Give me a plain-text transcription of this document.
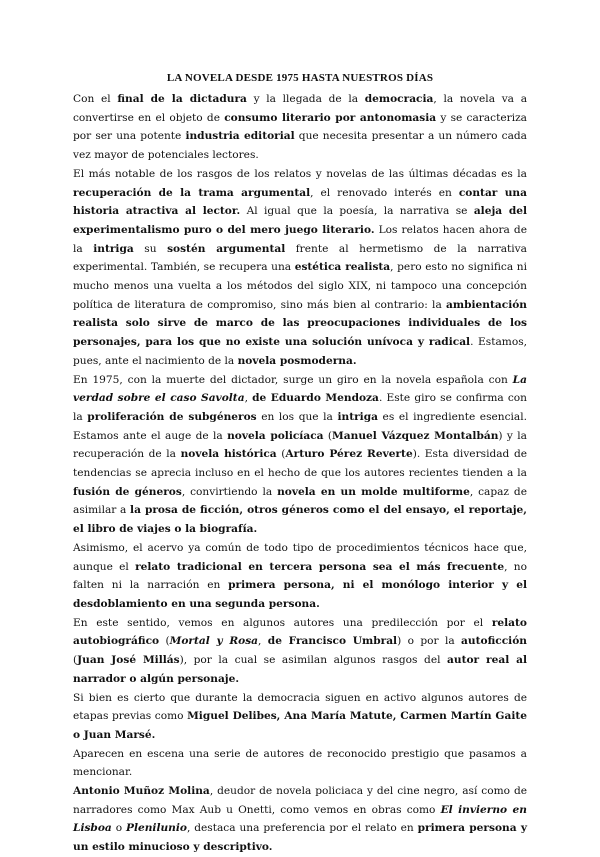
LA NOVELA DESDE 1975 HASTA NUESTROS DÍAS

Con el final de la dictadura y la llegada de la democracia, la novela va a convertirse en el objeto de consumo literario por antonomasia y se caracteriza por ser una potente industria editorial que necesita presentar a un número cada vez mayor de potenciales lectores.

El más notable de los rasgos de los relatos y novelas de las últimas décadas es la recuperación de la trama argumental, el renovado interés en contar una historia atractiva al lector. Al igual que la poesía, la narrativa se aleja del experimentalismo puro o del mero juego literario. Los relatos hacen ahora de la intriga su sostén argumental frente al hermetismo de la narrativa experimental. También, se recupera una estética realista, pero esto no significa ni mucho menos una vuelta a los métodos del siglo XIX, ni tampoco una concepción política de literatura de compromiso, sino más bien al contrario: la ambientación realista solo sirve de marco de las preocupaciones individuales de los personajes, para los que no existe una solución unívoca y radical. Estamos, pues, ante el nacimiento de la novela posmoderna.

En 1975, con la muerte del dictador, surge un giro en la novela española con La verdad sobre el caso Savolta, de Eduardo Mendoza. Este giro se confirma con la proliferación de subgéneros en los que la intriga es el ingrediente esencial. Estamos ante el auge de la novela policíaca (Manuel Vázquez Montalbán) y la recuperación de la novela histórica (Arturo Pérez Reverte). Esta diversidad de tendencias se aprecia incluso en el hecho de que los autores recientes tienden a la fusión de géneros, convirtiendo la novela en un molde multiforme, capaz de asimilar a la prosa de ficción, otros géneros como el del ensayo, el reportaje, el libro de viajes o la biografía.

Asimismo, el acervo ya común de todo tipo de procedimientos técnicos hace que, aunque el relato tradicional en tercera persona sea el más frecuente, no falten ni la narración en primera persona, ni el monólogo interior y el desdoblamiento en una segunda persona.

En este sentido, vemos en algunos autores una predilección por el relato autobiográfico (Mortal y Rosa, de Francisco Umbral) o por la autoficción (Juan José Millás), por la cual se asimilan algunos rasgos del autor real al narrador o algún personaje.

Si bien es cierto que durante la democracia siguen en activo algunos autores de etapas previas como Miguel Delibes, Ana María Matute, Carmen Martín Gaite o Juan Marsé.

Aparecen en escena una serie de autores de reconocido prestigio que pasamos a mencionar.

Antonio Muñoz Molina, deudor de novela policiaca y del cine negro, así como de narradores como Max Aub u Onetti, como vemos en obras como El invierno en Lisboa o Plenilunio, destaca una preferencia por el relato en primera persona y un estilo minucioso y descriptivo.
